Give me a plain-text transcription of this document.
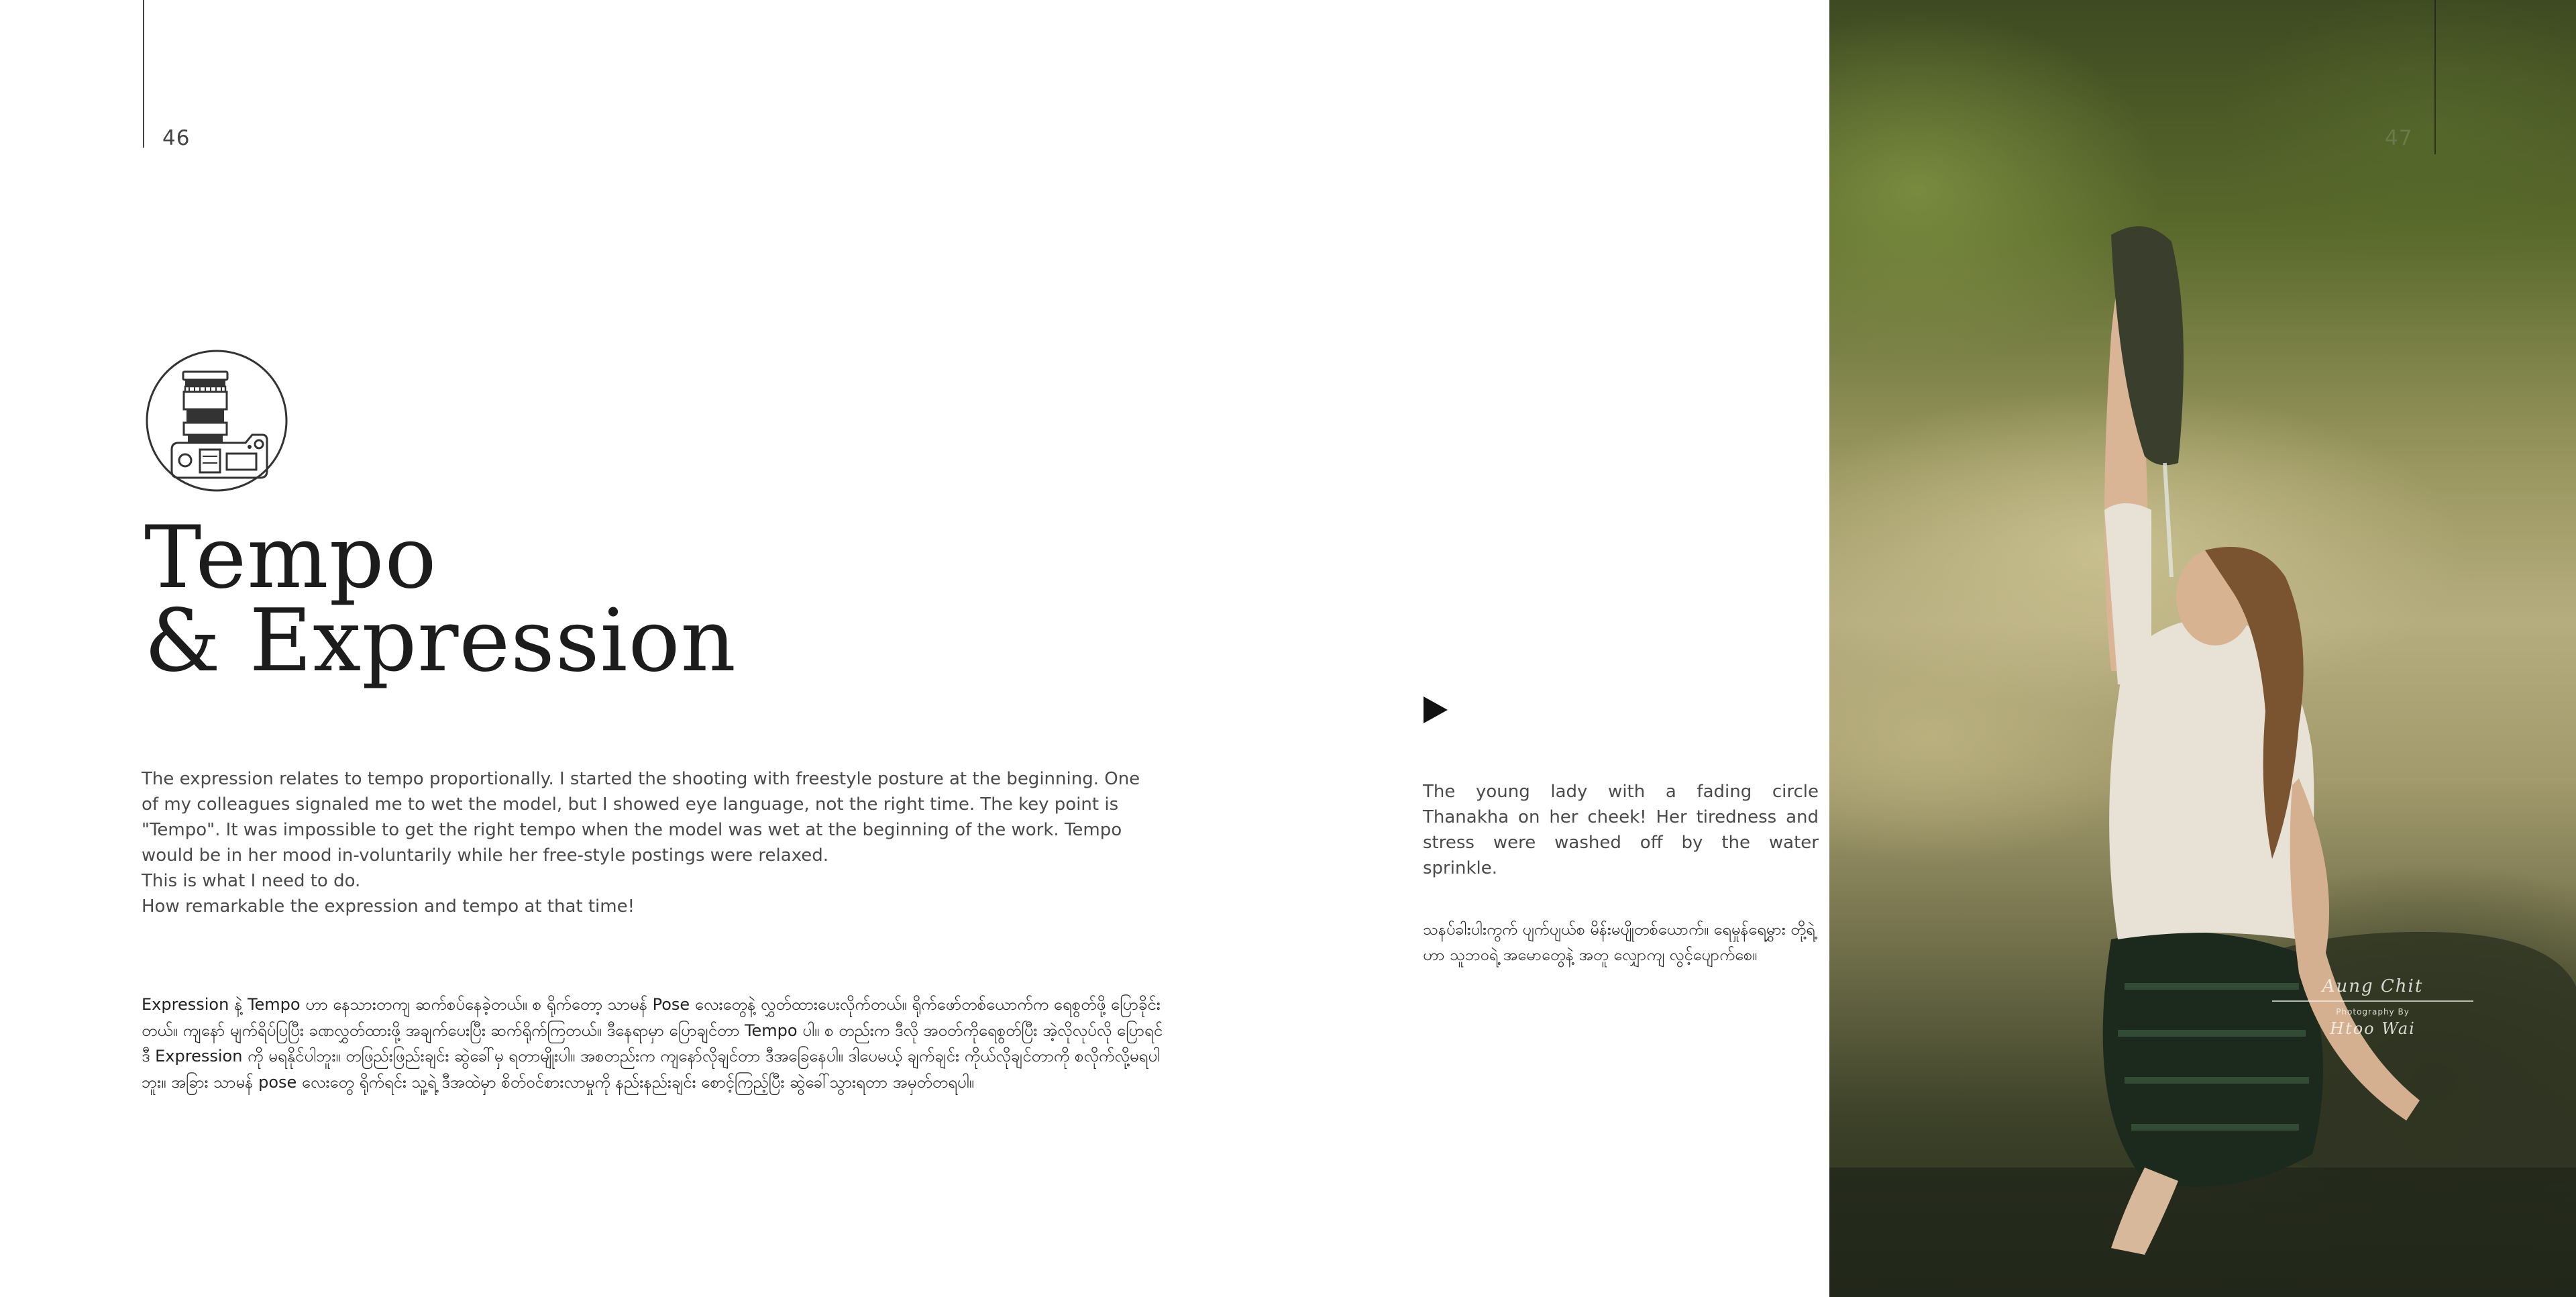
46
Tempo
& Expression

The expression relates to tempo proportionally. I started the shooting with freestyle posture at the beginning. One of my colleagues signaled me to wet the model, but I showed eye language, not the right time. The key point is "Tempo". It was impossible to get the right tempo when the model was wet at the beginning of the work. Tempo would be in her mood in-voluntarily while her free-style postings were relaxed.

This is what I need to do.

How remarkable the expression and tempo at that time!

Expression နဲ့ Tempo ဟာ နေသားတကျ ဆက်စပ်နေခဲ့တယ်။ စ ရိုက်တော့ သာမန် Pose လေးတွေနဲ့ လွှတ်ထားပေးလိုက်တယ်။ ရိုက်ဖော်တစ်ယောက်က ရေစွတ်ဖို့ ပြောခိုင်းတယ်။ ကျနော် မျက်ရိပ်ပြပြီး ခဏလွှတ်ထားဖို့ အချက်ပေးပြီး ဆက်ရိုက်ကြတယ်။ ဒီနေရာမှာ ပြောချင်တာ Tempo ပါ။ စ တည်းက ဒီလို အဝတ်ကိုရေစွတ်ပြီး အဲ့လိုလုပ်လို ပြောရင် ဒီ Expression ကို မရနိုင်ပါဘူး။ တဖြည်းဖြည်းချင်း ဆွဲခေါ်မှ ရတာမျိုးပါ။ အစတည်းက ကျနော်လိုချင်တာ ဒီအခြေနေပါ။ ဒါပေမယ့် ချက်ချင်း ကိုယ်လိုချင်တာကို စလိုက်လို့မရပါဘူး။ အခြား သာမန် pose လေးတွေ ရိုက်ရင်း သူ့ရဲ့ ဒီအထဲမှာ စိတ်ဝင်စားလာမှုကို နည်းနည်းချင်း စောင့်ကြည့်ပြီး ဆွဲခေါ်သွားရတာ အမှတ်တရပါ။

The young lady with a fading circle Thanakha on her cheek! Her tiredness and stress were washed off by the water sprinkle.

သနပ်ခါးပါးကွက် ပျက်ပျယ်စ မိန်းမပျိုတစ်ယောက်။ ရေမှုန်ရေမွှား တို့ရဲ့ ဟာ သူဘဝရဲ့ အမောတွေနဲ့ အတူ လျှောကျ လွင့်ပျောက်စေ။

47
Aung Chit
Photography By
Htoo Wai
